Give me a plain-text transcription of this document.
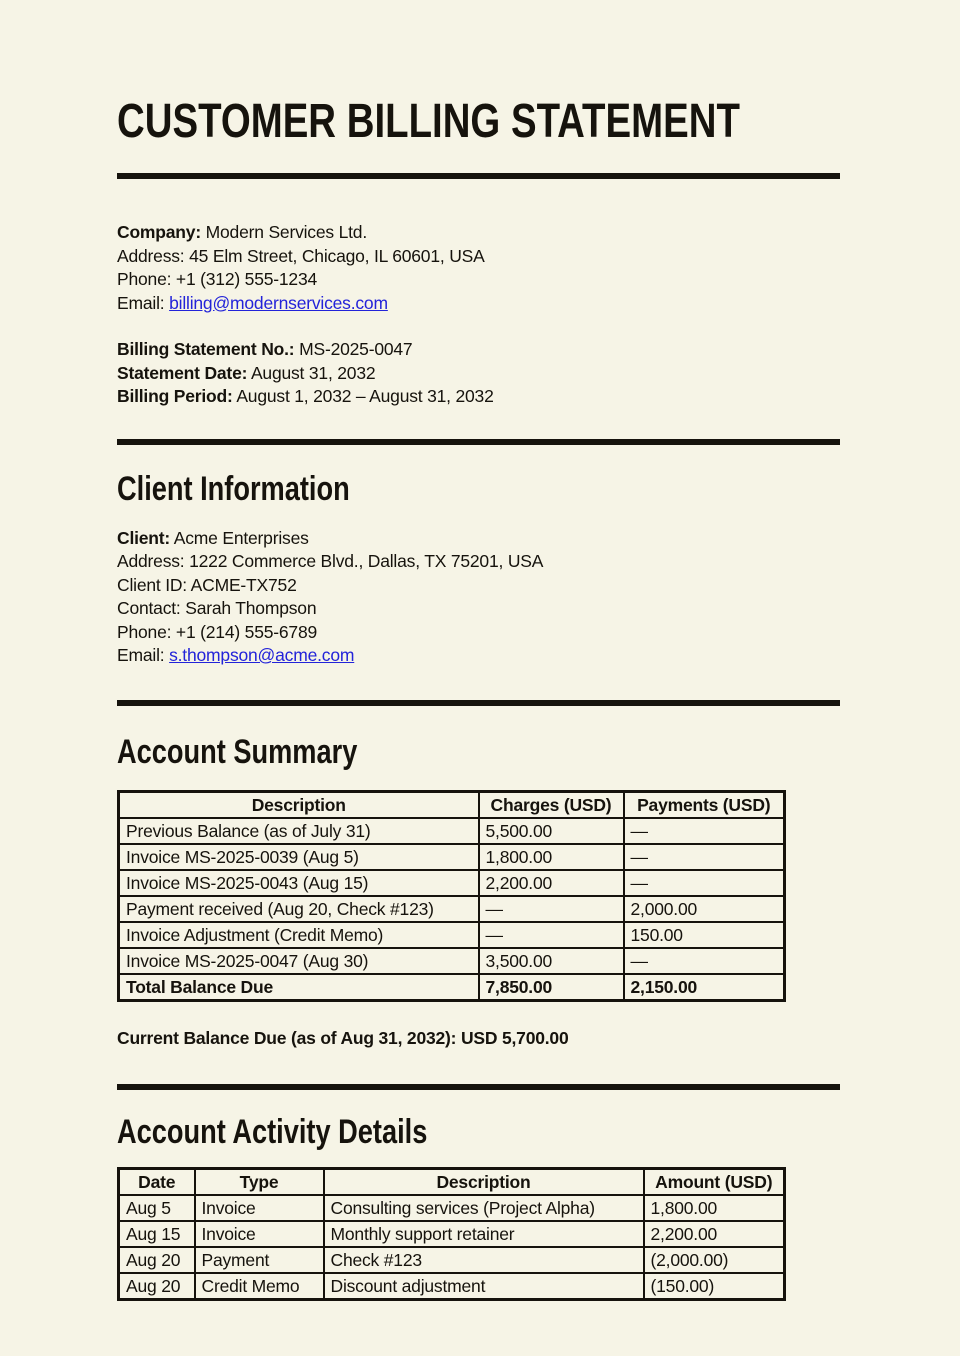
CUSTOMER BILLING STATEMENT

Company: Modern Services Ltd.

Address: 45 Elm Street, Chicago, IL 60601, USA

Phone: +1 (312) 555-1234

Email: billing@modernservices.com

Billing Statement No.: MS-2025-0047

Statement Date: August 31, 2032

Billing Period: August 1, 2032 – August 31, 2032

Client Information

Client: Acme Enterprises

Address: 1222 Commerce Blvd., Dallas, TX 75201, USA

Client ID: ACME-TX752

Contact: Sarah Thompson

Phone: +1 (214) 555-6789

Email: s.thompson@acme.com

Account Summary
Description	Charges (USD)	Payments (USD)
Previous Balance (as of July 31)	5,500.00	—
Invoice MS-2025-0039 (Aug 5)	1,800.00	—
Invoice MS-2025-0043 (Aug 15)	2,200.00	—
Payment received (Aug 20, Check #123)	—	2,000.00
Invoice Adjustment (Credit Memo)	—	150.00
Invoice MS-2025-0047 (Aug 30)	3,500.00	—
Total Balance Due	7,850.00	2,150.00

Current Balance Due (as of Aug 31, 2032): USD 5,700.00

Account Activity Details
Date	Type	Description	Amount (USD)
Aug 5	Invoice	Consulting services (Project Alpha)	1,800.00
Aug 15	Invoice	Monthly support retainer	2,200.00
Aug 20	Payment	Check #123	(2,000.00)
Aug 20	Credit Memo	Discount adjustment	(150.00)
